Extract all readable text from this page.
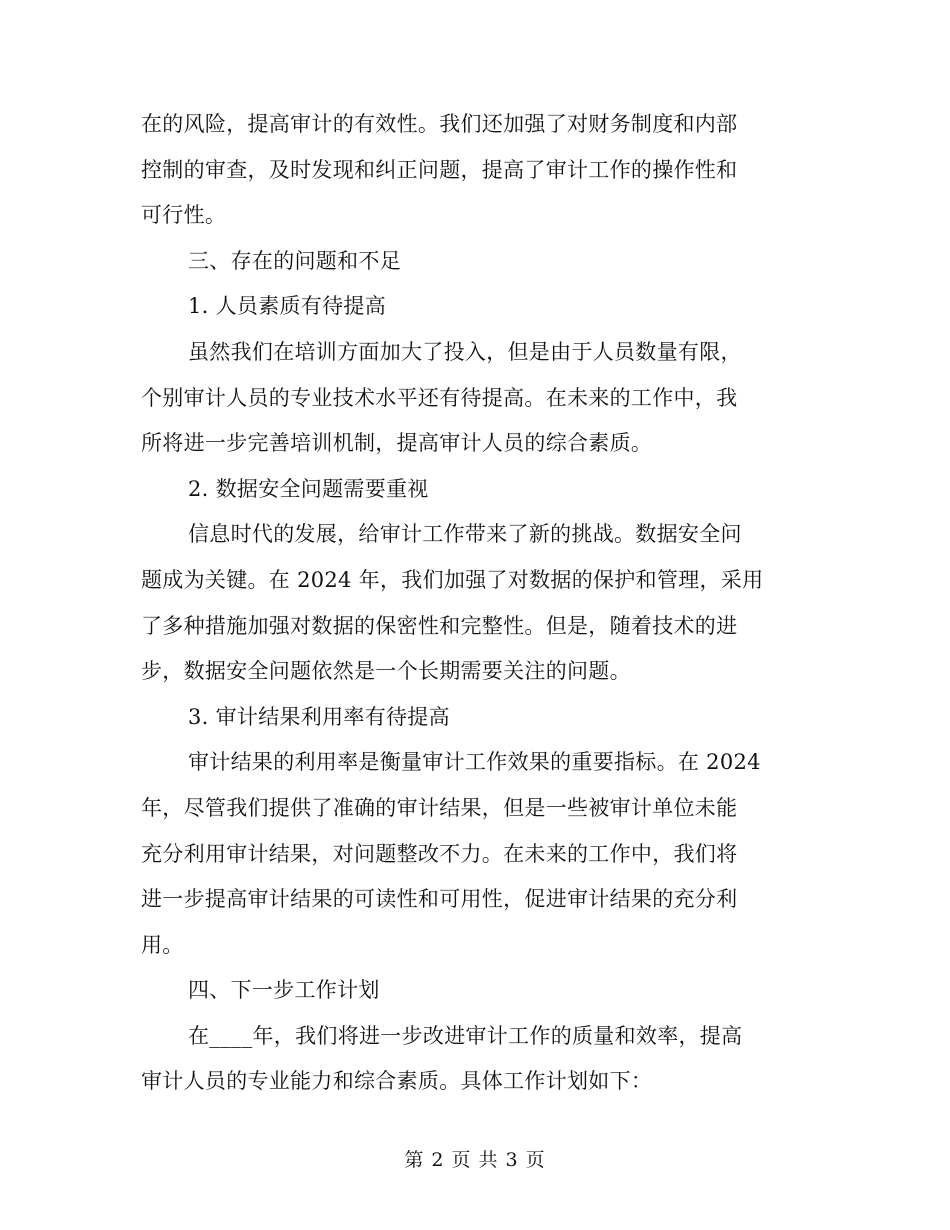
在的风险，提高审计的有效性。我们还加强了对财务制度和内部
控制的审查，及时发现和纠正问题，提高了审计工作的操作性和
可行性。
三、存在的问题和不足
1. 人员素质有待提高
虽然我们在培训方面加大了投入，但是由于人员数量有限，
个别审计人员的专业技术水平还有待提高。在未来的工作中，我
所将进一步完善培训机制，提高审计人员的综合素质。
2. 数据安全问题需要重视
信息时代的发展，给审计工作带来了新的挑战。数据安全问
题成为关键。在 2024 年，我们加强了对数据的保护和管理，采用
了多种措施加强对数据的保密性和完整性。但是，随着技术的进
步，数据安全问题依然是一个长期需要关注的问题。
3. 审计结果利用率有待提高
审计结果的利用率是衡量审计工作效果的重要指标。在 2024
年，尽管我们提供了准确的审计结果，但是一些被审计单位未能
充分利用审计结果，对问题整改不力。在未来的工作中，我们将
进一步提高审计结果的可读性和可用性，促进审计结果的充分利
用。
四、下一步工作计划
在____年，我们将进一步改进审计工作的质量和效率，提高
审计人员的专业能力和综合素质。具体工作计划如下：
第 2 页 共 3 页
